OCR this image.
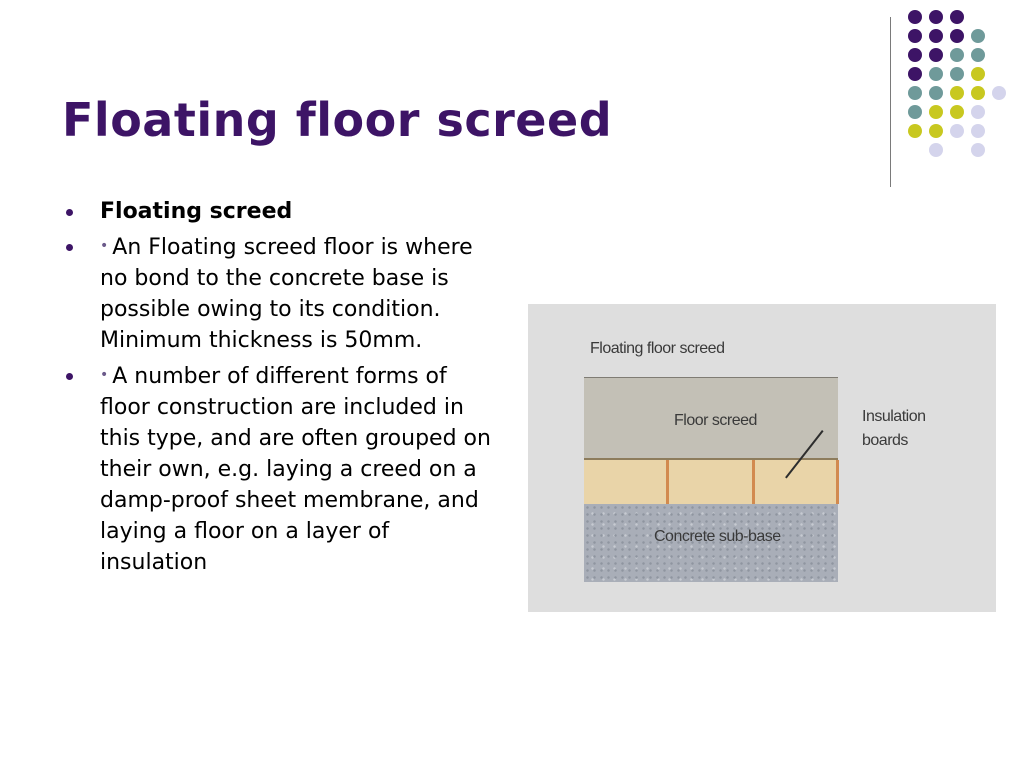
Floating floor screed
Floating screed
• An Floating screed floor is where no bond to the concrete base is possible owing to its condition. Minimum thickness is 50mm.
• A number of different forms of floor construction are included in this type, and are often grouped on their own, e.g. laying a creed on a damp-proof sheet membrane, and laying a floor on a layer of insulation
Floating floor screed
Floor screed
Concrete sub-base
Insulation
boards
